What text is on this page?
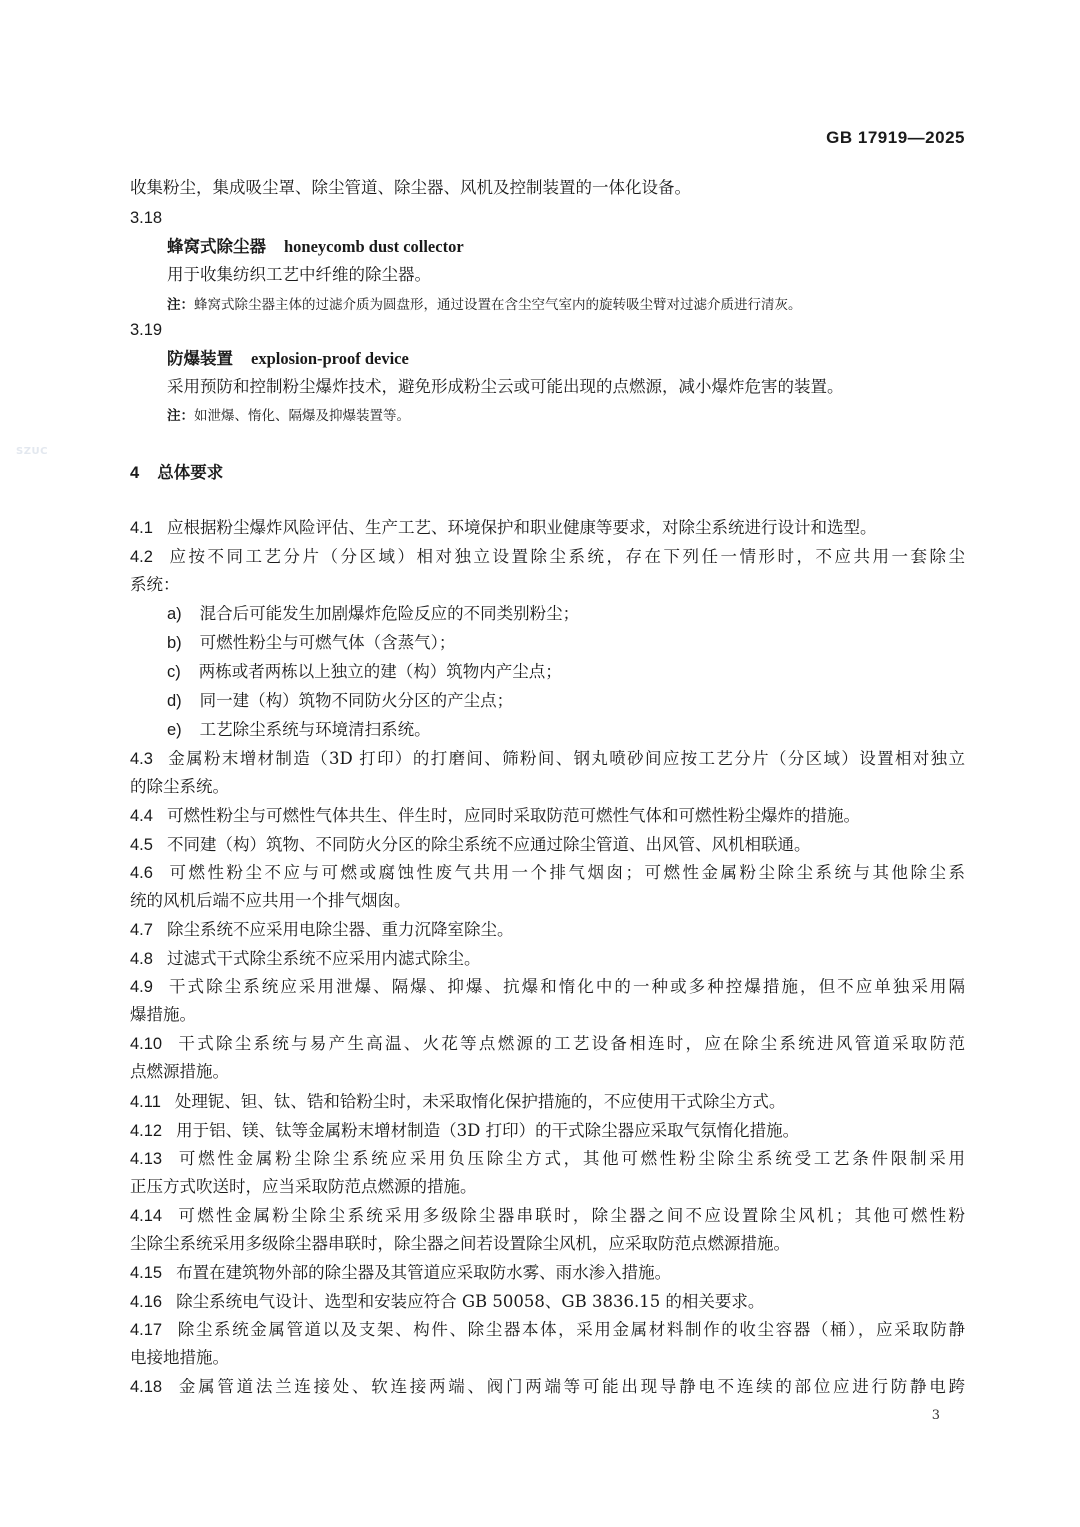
GB 17919—2025
SZUC
收集粉尘，集成吸尘罩、除尘管道、除尘器、风机及控制装置的一体化设备。
3.18
蜂窝式除尘器 honeycomb dust collector
用于收集纺织工艺中纤维的除尘器。
注：蜂窝式除尘器主体的过滤介质为圆盘形，通过设置在含尘空气室内的旋转吸尘臂对过滤介质进行清灰。
3.19
防爆装置 explosion-proof device
采用预防和控制粉尘爆炸技术，避免形成粉尘云或可能出现的点燃源，减小爆炸危害的装置。
注：如泄爆、惰化、隔爆及抑爆装置等。
4 总体要求
4.1 应根据粉尘爆炸风险评估、生产工艺、环境保护和职业健康等要求，对除尘系统进行设计和选型。
4.2 应按不同工艺分片（分区域）相对独立设置除尘系统，存在下列任一情形时，不应共用一套除尘
系统：
a) 混合后可能发生加剧爆炸危险反应的不同类别粉尘；
b) 可燃性粉尘与可燃气体（含蒸气）；
c) 两栋或者两栋以上独立的建（构）筑物内产尘点；
d) 同一建（构）筑物不同防火分区的产尘点；
e) 工艺除尘系统与环境清扫系统。
4.3 金属粉末增材制造（3D 打印）的打磨间、筛粉间、钢丸喷砂间应按工艺分片（分区域）设置相对独立
的除尘系统。
4.4 可燃性粉尘与可燃性气体共生、伴生时，应同时采取防范可燃性气体和可燃性粉尘爆炸的措施。
4.5 不同建（构）筑物、不同防火分区的除尘系统不应通过除尘管道、出风管、风机相联通。
4.6 可燃性粉尘不应与可燃或腐蚀性废气共用一个排气烟囱；可燃性金属粉尘除尘系统与其他除尘系
统的风机后端不应共用一个排气烟囱。
4.7 除尘系统不应采用电除尘器、重力沉降室除尘。
4.8 过滤式干式除尘系统不应采用内滤式除尘。
4.9 干式除尘系统应采用泄爆、隔爆、抑爆、抗爆和惰化中的一种或多种控爆措施，但不应单独采用隔
爆措施。
4.10 干式除尘系统与易产生高温、火花等点燃源的工艺设备相连时，应在除尘系统进风管道采取防范
点燃源措施。
4.11 处理铌、钽、钛、锆和铪粉尘时，未采取惰化保护措施的，不应使用干式除尘方式。
4.12 用于铝、镁、钛等金属粉末增材制造（3D 打印）的干式除尘器应采取气氛惰化措施。
4.13 可燃性金属粉尘除尘系统应采用负压除尘方式，其他可燃性粉尘除尘系统受工艺条件限制采用
正压方式吹送时，应当采取防范点燃源的措施。
4.14 可燃性金属粉尘除尘系统采用多级除尘器串联时，除尘器之间不应设置除尘风机；其他可燃性粉
尘除尘系统采用多级除尘器串联时，除尘器之间若设置除尘风机，应采取防范点燃源措施。
4.15 布置在建筑物外部的除尘器及其管道应采取防水雾、雨水渗入措施。
4.16 除尘系统电气设计、选型和安装应符合 GB 50058、GB 3836.15 的相关要求。
4.17 除尘系统金属管道以及支架、构件、除尘器本体，采用金属材料制作的收尘容器（桶），应采取防静
电接地措施。
4.18 金属管道法兰连接处、软连接两端、阀门两端等可能出现导静电不连续的部位应进行防静电跨
3
